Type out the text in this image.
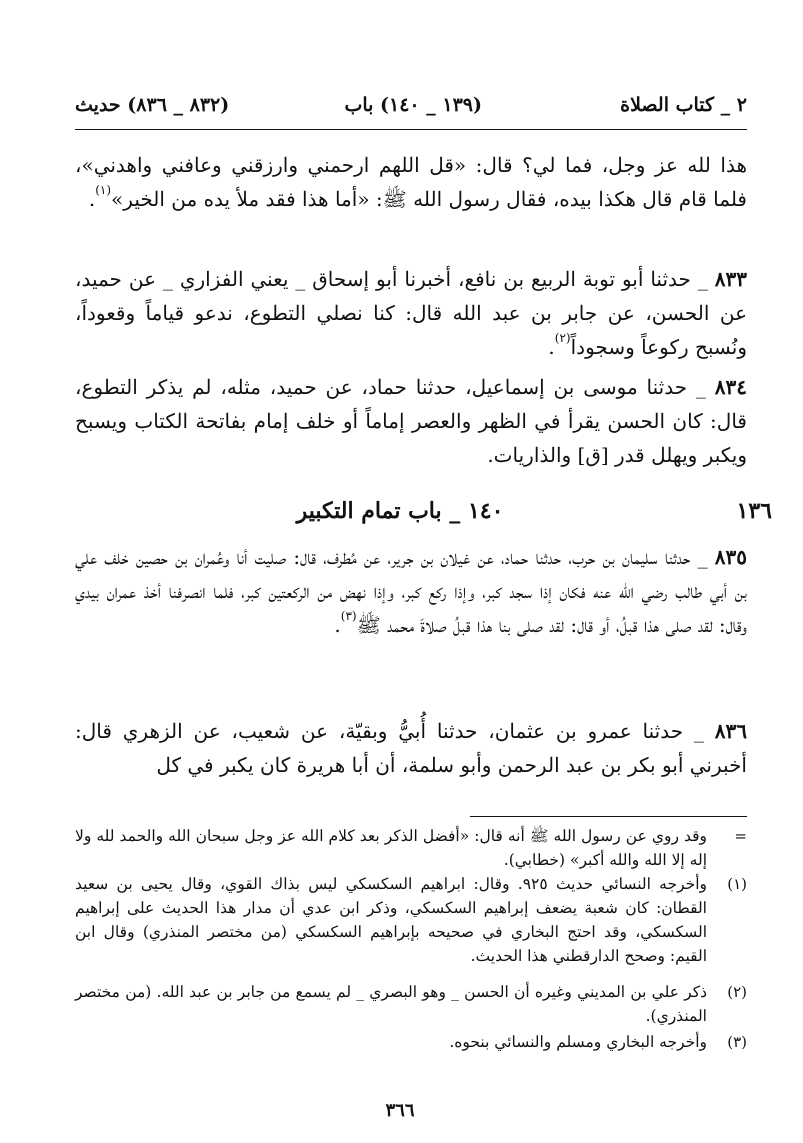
٢ _ كتاب الصلاة
(١٣٩ _ ١٤٠) باب
(٨٣٢ _ ٨٣٦) حديث
هذا لله عز وجل، فما لي؟ قال: «قل اللهم ارحمني وارزقني وعافني واهدني»، فلما قام قال هكذا بيده، فقال رسول الله ﷺ: «أما هذا فقد ملأ يده من الخير»$^{(١)}$.
٨٣٣ _ حدثنا أبو توبة الربيع بن نافع، أخبرنا أبو إسحاق _ يعني الفزاري _ عن حميد، عن الحسن، عن جابر بن عبد الله قال: كنا نصلي التطوع، ندعو قياماً وقعوداً، ونُسبح ركوعاً وسجوداً$^{(٢)}$.
٨٣٤ _ حدثنا موسى بن إسماعيل، حدثنا حماد، عن حميد، مثله، لم يذكر التطوع، قال: كان الحسن يقرأ في الظهر والعصر إماماً أو خلف إمام بفاتحة الكتاب ويسبح ويكبر ويهلل قدر [ق] والذاريات.
١٣٦
١٤٠ _ باب تمام التكبير
٨٣٥ _ حدثنا سليمان بن حرب، حدثنا حماد، عن غيلان بن جرير، عن مُطرف، قال: صليت أنا وعُمران بن حصين خلف علي بن أبي طالب رضي الله عنه فكان إذا سجد كبر، وإذا ركع كبر، وإذا نهض من الركعتين كبر، فلما انصرفنا أخذ عمران بيدي وقال: لقد صلى هذا قبلُ، أو قال: لقد صلى بنا هذا قبلُ صلاةَ محمد ﷺ$^{(٣)}$.
٨٣٦ _ حدثنا عمرو بن عثمان، حدثنا أُبيُّ وبقيّة، عن شعيب، عن الزهري قال: أخبرني أبو بكر بن عبد الرحمن وأبو سلمة، أن أبا هريرة كان يكبر في كل
=
وقد روي عن رسول الله ﷺ أنه قال: «أفضل الذكر بعد كلام الله عز وجل سبحان الله والحمد لله ولا إله إلا الله والله أكبر» (خطابي).
(١)
وأخرجه النسائي حديث ٩٢٥. وقال: ابراهيم السكسكي ليس بذاك القوي، وقال يحيى بن سعيد القطان: كان شعبة يضعف إبراهيم السكسكي، وذكر ابن عدي أن مدار هذا الحديث على إبراهيم السكسكي، وقد احتج البخاري في صحيحه بإبراهيم السكسكي (من مختصر المنذري) وقال ابن القيم: وصحح الدارقطني هذا الحديث.
(٢)
ذكر علي بن المديني وغيره أن الحسن _ وهو البصري _ لم يسمع من جابر بن عبد الله. (من مختصر المنذري).
(٣)
وأخرجه البخاري ومسلم والنسائي بنحوه.
٣٦٦
